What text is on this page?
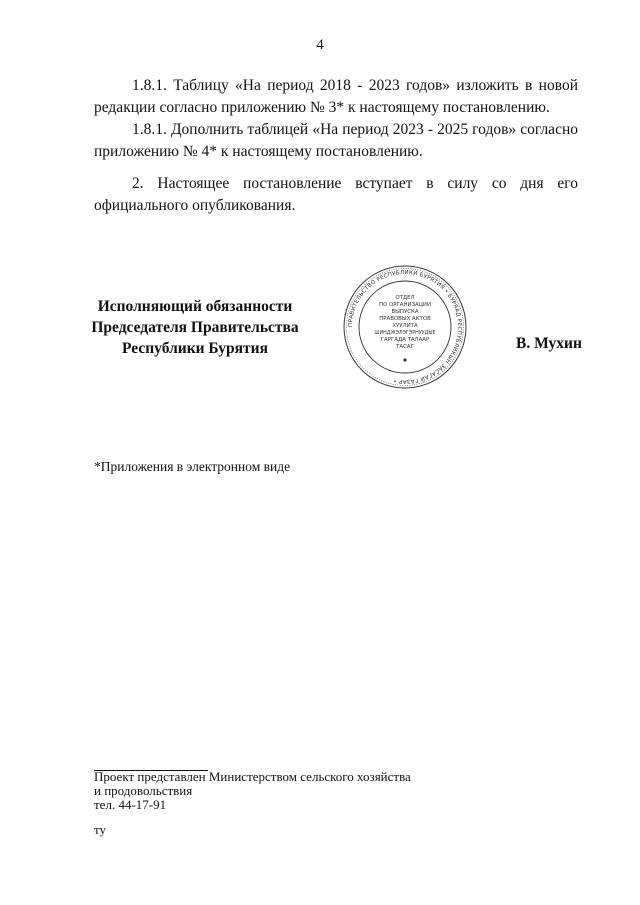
4

1.8.1. Таблицу «На период 2018 - 2023 годов» изложить в новой редакции согласно приложению № 3* к настоящему постановлению.

1.8.1. Дополнить таблицей «На период 2023 - 2025 годов» согласно приложению № 4* к настоящему постановлению.

2. Настоящее постановление вступает в силу со дня его официального опубликования.

Исполняющий обязанности
Председателя Правительства
Республики Бурятия
ПРАВИТЕЛЬСТВО РЕСПУБЛИКИ БУРЯТИЯ • БУРЯАД РЕСПУБЛИКЫН ЗАСАГАЙ ГАЗАР •
ОТДЕЛ
ПО ОРГАНИЗАЦИИ
ВЫПУСКА
ПРАВОВЫХ АКТОВ
ХУУЛИТА
ШИНДЖЭЛЭГЭРНУУДЫЕ
ГАРГАДА ТАЛААР
ТАСАГ	В. Мухин
*Приложения в электронном виде
Проект представлен Министерством сельского хозяйства
и продовольствия
тел. 44-17-91
ту
